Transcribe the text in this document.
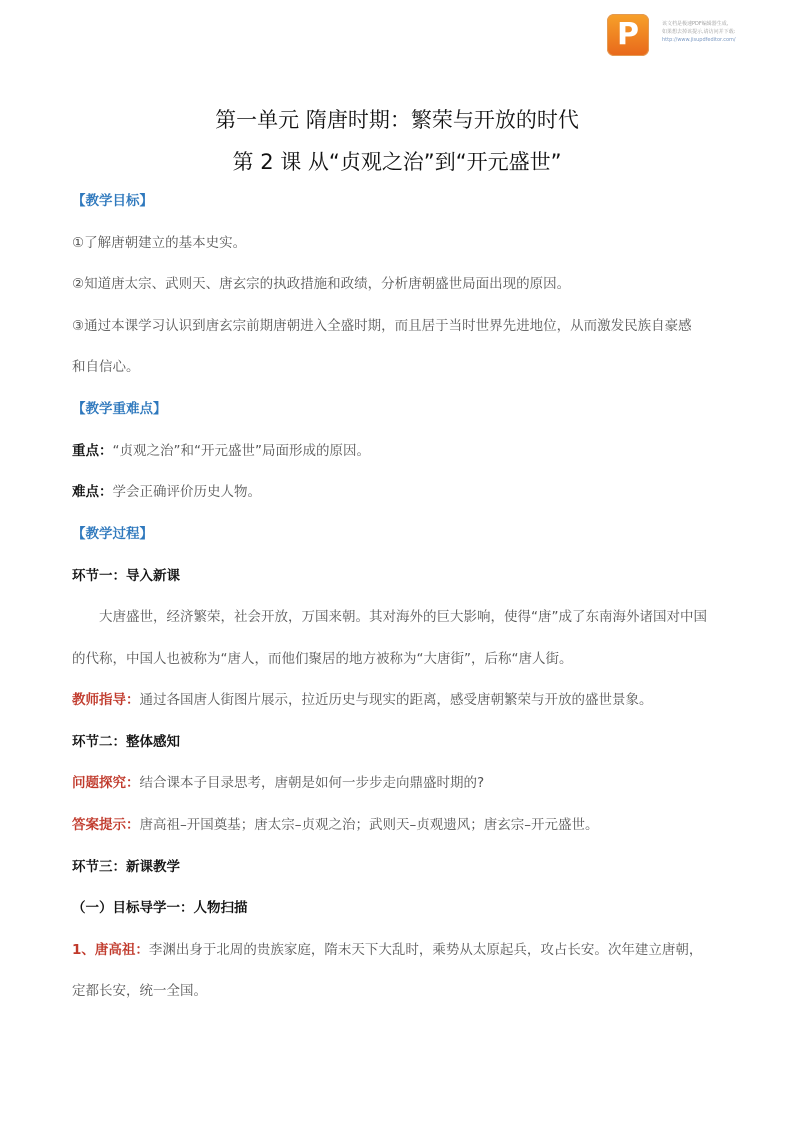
P	该文档是极速PDF编辑器生成,
如果想去掉该提示,请访问并下载:
http://www.jisupdfeditor.com/
第一单元 隋唐时期：繁荣与开放的时代
第 2 课 从“贞观之治”到“开元盛世”
【教学目标】
①了解唐朝建立的基本史实。
②知道唐太宗、武则天、唐玄宗的执政措施和政绩，分析唐朝盛世局面出现的原因。
③通过本课学习认识到唐玄宗前期唐朝进入全盛时期，而且居于当时世界先进地位，从而激发民族自豪感
和自信心。
【教学重难点】
重点：“贞观之治”和“开元盛世”局面形成的原因。
难点：学会正确评价历史人物。
【教学过程】
环节一：导入新课
大唐盛世，经济繁荣，社会开放，万国来朝。其对海外的巨大影响，使得“唐”成了东南海外诸国对中国
的代称，中国人也被称为“唐人，而他们聚居的地方被称为“大唐街”，后称“唐人街。
教师指导：通过各国唐人街图片展示，拉近历史与现实的距离，感受唐朝繁荣与开放的盛世景象。
环节二：整体感知
问题探究：结合课本子目录思考，唐朝是如何一步步走向鼎盛时期的?
答案提示：唐高祖–开国奠基；唐太宗–贞观之治；武则天–贞观遗风；唐玄宗–开元盛世。
环节三：新课教学
（一）目标导学一：人物扫描
1、唐高祖：李渊出身于北周的贵族家庭，隋末天下大乱时，乘势从太原起兵，攻占长安。次年建立唐朝，
定都长安，统一全国。
